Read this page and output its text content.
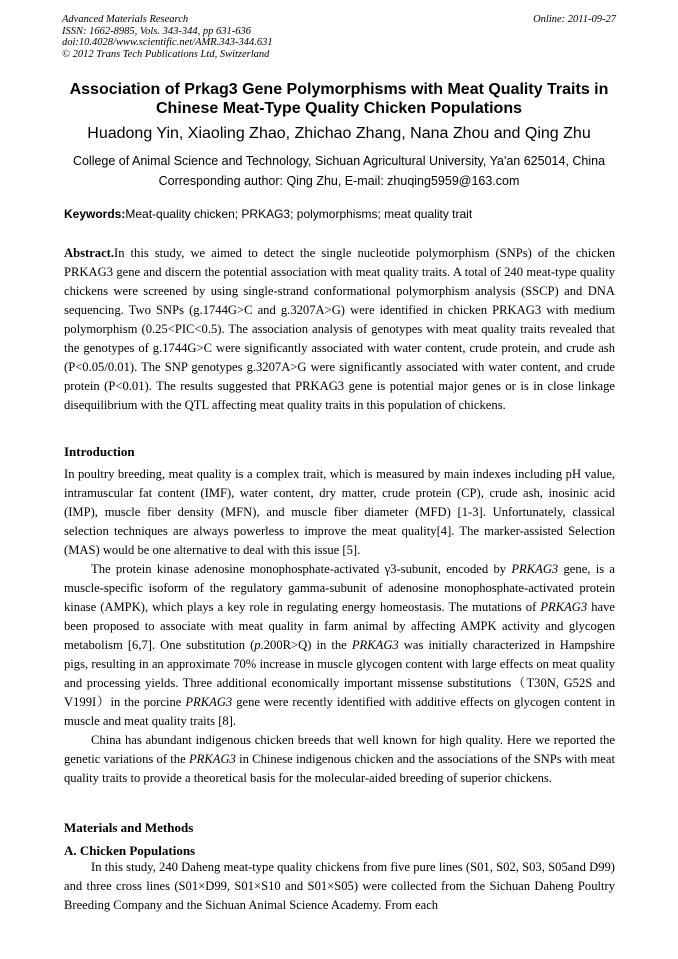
Advanced Materials Research
ISSN: 1662-8985, Vols. 343-344, pp 631-636
doi:10.4028/www.scientific.net/AMR.343-344.631
© 2012 Trans Tech Publications Ltd, Switzerland
Online: 2011-09-27
Association of Prkag3 Gene Polymorphisms with Meat Quality Traits in Chinese Meat-Type Quality Chicken Populations
Huadong Yin, Xiaoling Zhao, Zhichao Zhang, Nana Zhou and Qing Zhu
College of Animal Science and Technology, Sichuan Agricultural University, Ya'an 625014, China
Corresponding author: Qing Zhu, E-mail: zhuqing5959@163.com
Keywords:Meat-quality chicken; PRKAG3; polymorphisms; meat quality trait

Abstract.In this study, we aimed to detect the single nucleotide polymorphism (SNPs) of the chicken PRKAG3 gene and discern the potential association with meat quality traits. A total of 240 meat-type quality chickens were screened by using single-strand conformational polymorphism analysis (SSCP) and DNA sequencing. Two SNPs (g.1744G>C and g.3207A>G) were identified in chicken PRKAG3 with medium polymorphism (0.25<PIC<0.5). The association analysis of genotypes with meat quality traits revealed that the genotypes of g.1744G>C were significantly associated with water content, crude protein, and crude ash (P<0.05/0.01). The SNP genotypes g.3207A>G were significantly associated with water content, and crude protein (P<0.01). The results suggested that PRKAG3 gene is potential major genes or is in close linkage disequilibrium with the QTL affecting meat quality traits in this population of chickens.

Introduction

In poultry breeding, meat quality is a complex trait, which is measured by main indexes including pH value, intramuscular fat content (IMF), water content, dry matter, crude protein (CP), crude ash, inosinic acid (IMP), muscle fiber density (MFN), and muscle fiber diameter (MFD) [1-3]. Unfortunately, classical selection techniques are always powerless to improve the meat quality[4]. The marker-assisted Selection (MAS) would be one alternative to deal with this issue [5].

The protein kinase adenosine monophosphate-activated γ3-subunit, encoded by PRKAG3 gene, is a muscle-specific isoform of the regulatory gamma-subunit of adenosine monophosphate-activated protein kinase (AMPK), which plays a key role in regulating energy homeostasis. The mutations of PRKAG3 have been proposed to associate with meat quality in farm animal by affecting AMPK activity and glycogen metabolism [6,7]. One substitution (p.200R>Q) in the PRKAG3 was initially characterized in Hampshire pigs, resulting in an approximate 70% increase in muscle glycogen content with large effects on meat quality and processing yields. Three additional economically important missense substitutions（T30N, G52S and V199I）in the porcine PRKAG3 gene were recently identified with additive effects on glycogen content in muscle and meat quality traits [8].

China has abundant indigenous chicken breeds that well known for high quality. Here we reported the genetic variations of the PRKAG3 in Chinese indigenous chicken and the associations of the SNPs with meat quality traits to provide a theoretical basis for the molecular-aided breeding of superior chickens.

Materials and Methods
A. Chicken Populations

In this study, 240 Daheng meat-type quality chickens from five pure lines (S01, S02, S03, S05and D99) and three cross lines (S01×D99, S01×S10 and S01×S05) were collected from the Sichuan Daheng Poultry Breeding Company and the Sichuan Animal Science Academy. From each
